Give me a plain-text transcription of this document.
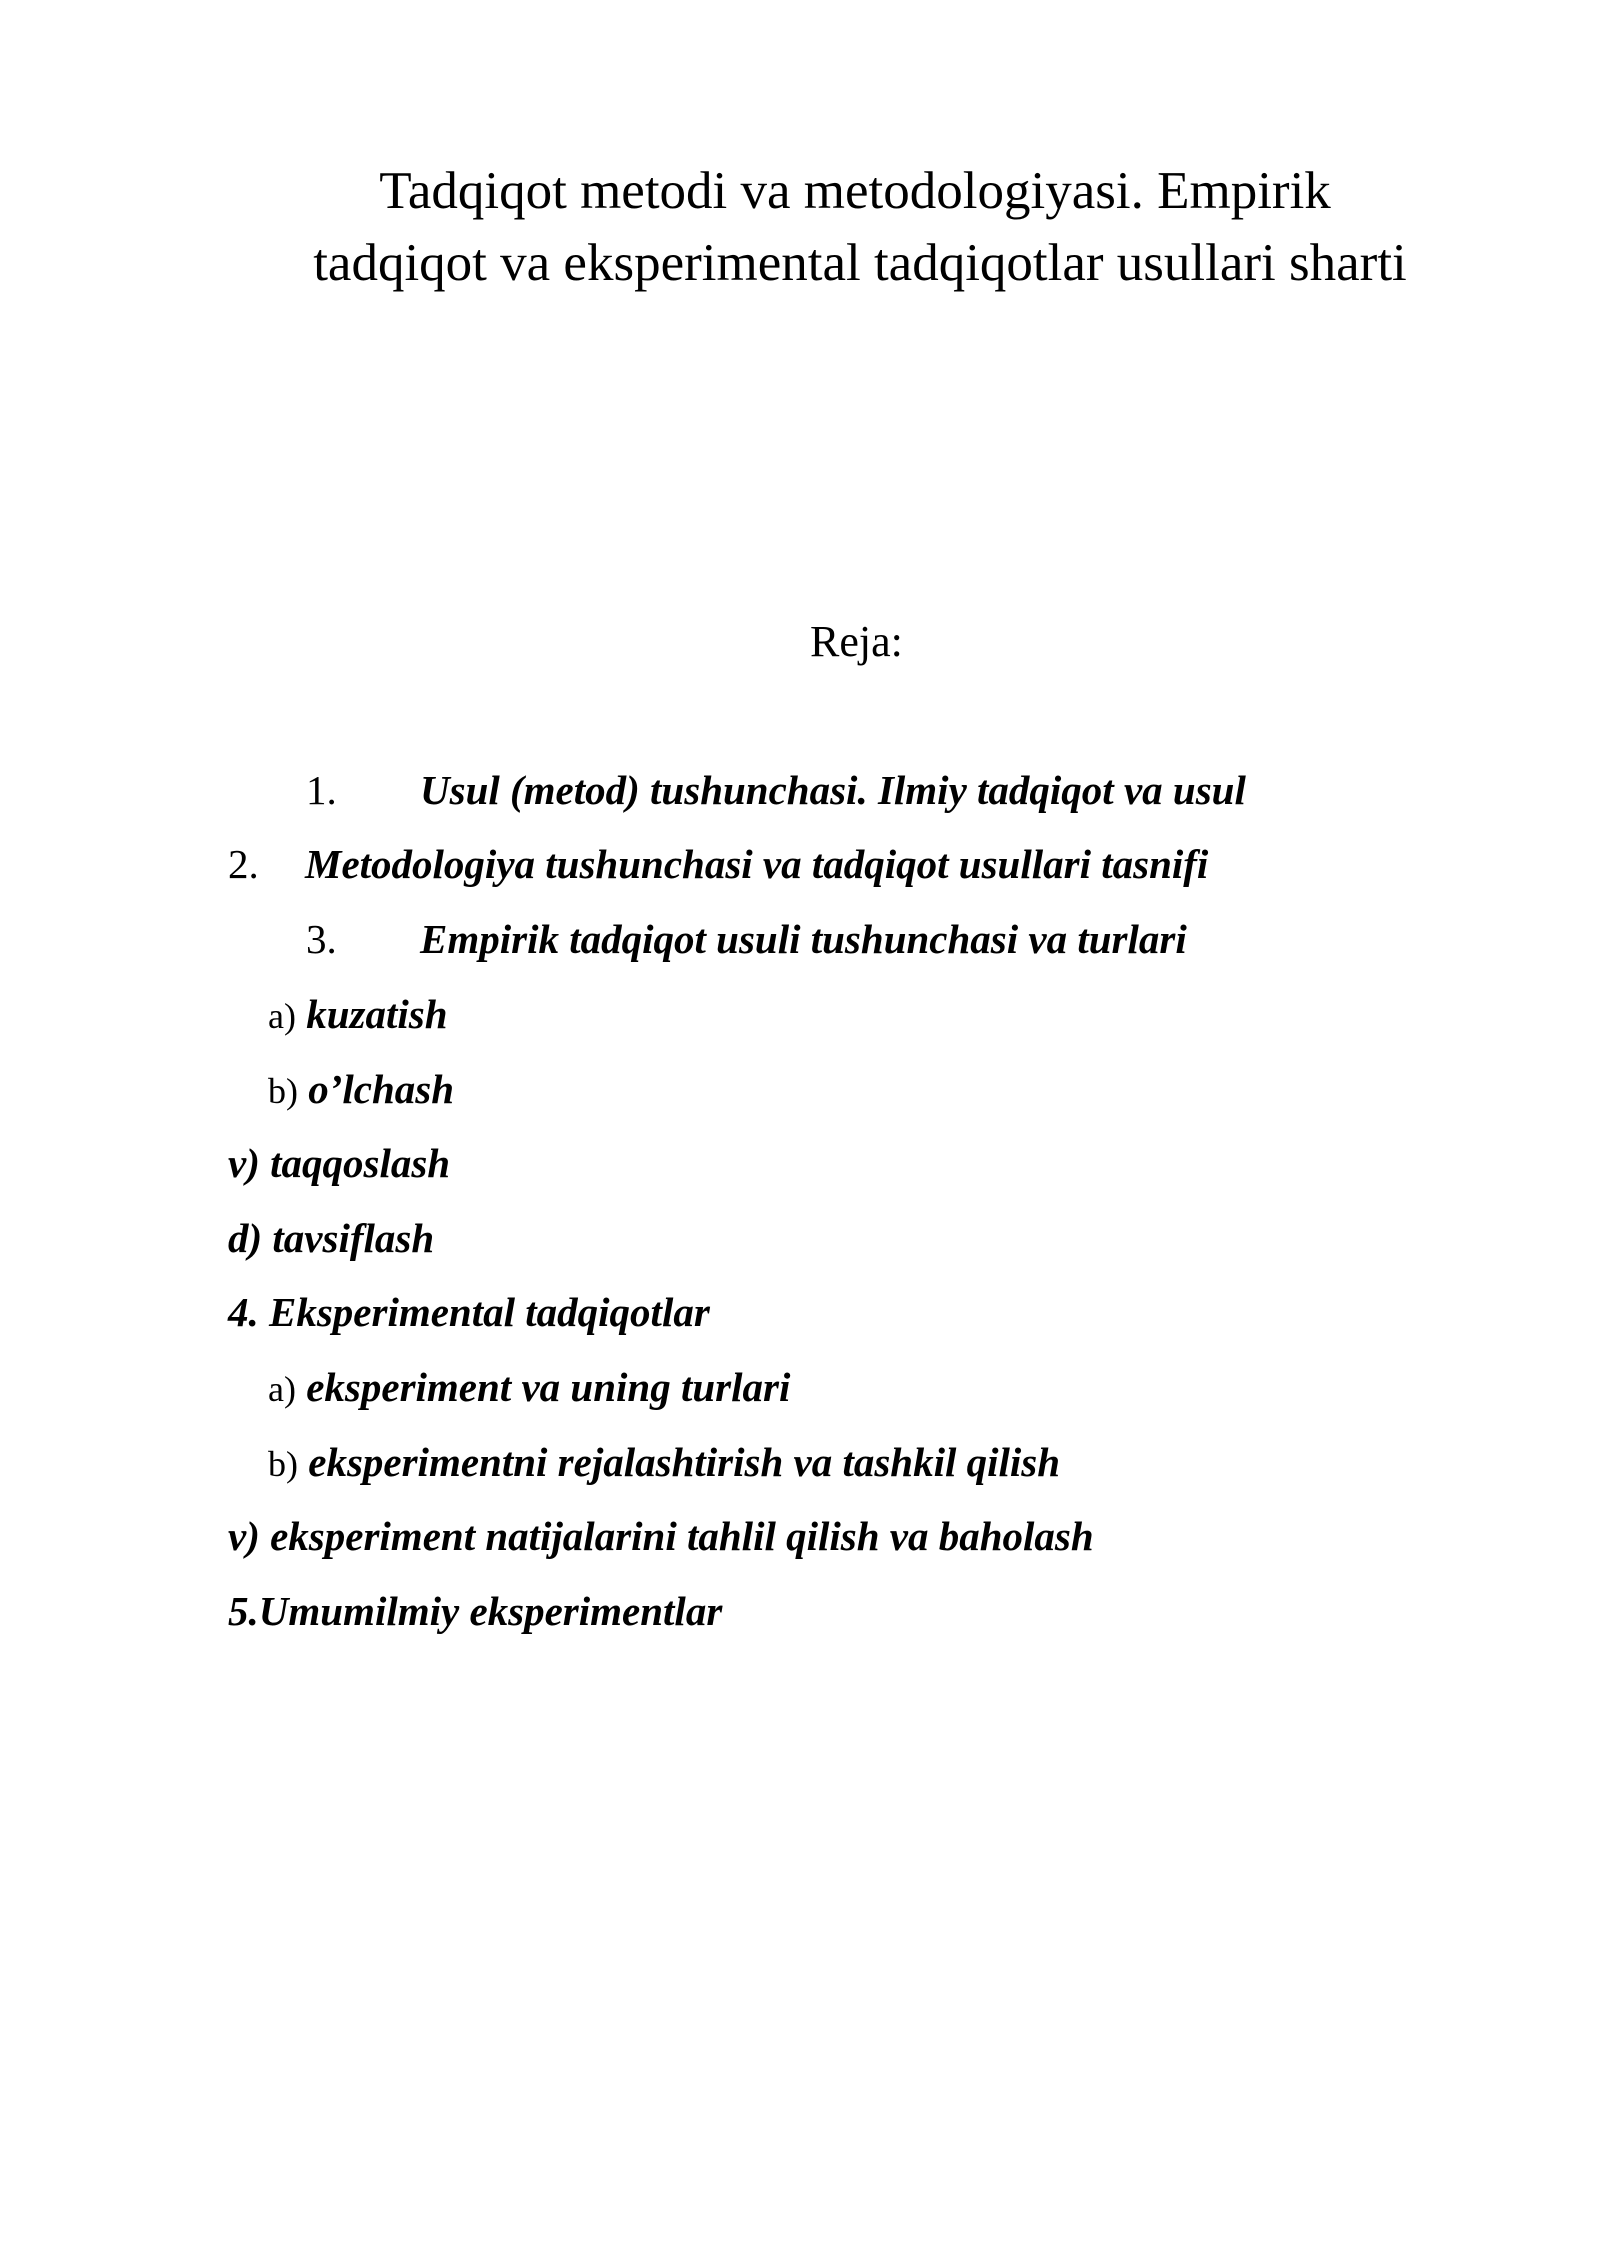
Tadqiqot metodi va metodologiyasi. Empirik
tadqiqot va eksperimental tadqiqotlar usullari sharti

Reja:

1. Usul (metod) tushunchasi. Ilmiy tadqiqot va usul
2. Metodologiya tushunchasi va tadqiqot usullari tasnifi
3. Empirik tadqiqot usuli tushunchasi va turlari
a) kuzatish
b) o’lchash
v) taqqoslash
d) tavsiflash
4. Eksperimental tadqiqotlar
a) eksperiment va uning turlari
b) eksperimentni rejalashtirish va tashkil qilish
v) eksperiment natijalarini tahlil qilish va baholash
5.Umumilmiy eksperimentlar
